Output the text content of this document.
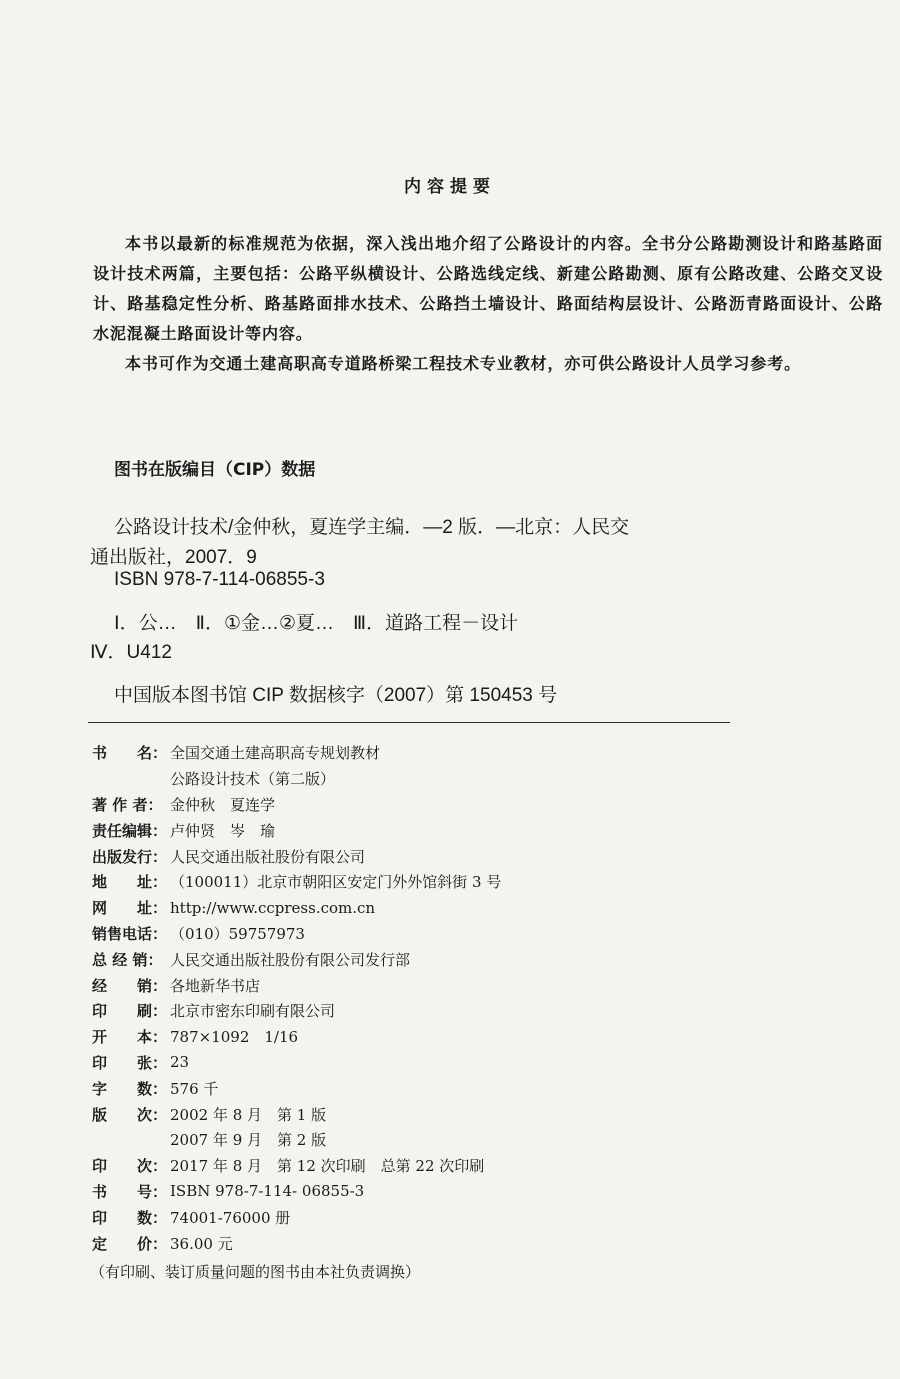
内容提要

本书以最新的标准规范为依据，深入浅出地介绍了公路设计的内容。全书分公路勘测设计和路基路面设计技术两篇，主要包括：公路平纵横设计、公路选线定线、新建公路勘测、原有公路改建、公路交叉设计、路基稳定性分析、路基路面排水技术、公路挡土墙设计、路面结构层设计、公路沥青路面设计、公路水泥混凝土路面设计等内容。

本书可作为交通土建高职高专道路桥梁工程技术专业教材，亦可供公路设计人员学习参考。

图书在版编目（CIP）数据
公路设计技术/金仲秋，夏连学主编．—2 版．—北京：人民交
通出版社，2007．9
ISBN 978-7-114-06855-3
Ⅰ．公…　Ⅱ．①金…②夏…　Ⅲ．道路工程－设计
Ⅳ．U412
中国版本图书馆 CIP 数据核字（2007）第 150453 号
书　　名： 全国交通土建高职高专规划教材
公路设计技术（第二版）
著 作 者： 金仲秋　夏连学
责任编辑： 卢仲贤　岑　瑜
出版发行： 人民交通出版社股份有限公司
地　　址： （100011）北京市朝阳区安定门外外馆斜街 3 号
网　　址： http://www.ccpress.com.cn
销售电话： （010）59757973
总 经 销： 人民交通出版社股份有限公司发行部
经　　销： 各地新华书店
印　　刷： 北京市密东印刷有限公司
开　　本： 787×1092　1/16
印　　张： 23
字　　数： 576 千
版　　次： 2002 年 8 月　第 1 版
2007 年 9 月　第 2 版
印　　次： 2017 年 8 月　第 12 次印刷　总第 22 次印刷
书　　号： ISBN 978-7-114- 06855-3
印　　数： 74001-76000 册
定　　价： 36.00 元
（有印刷、装订质量问题的图书由本社负责调换）
